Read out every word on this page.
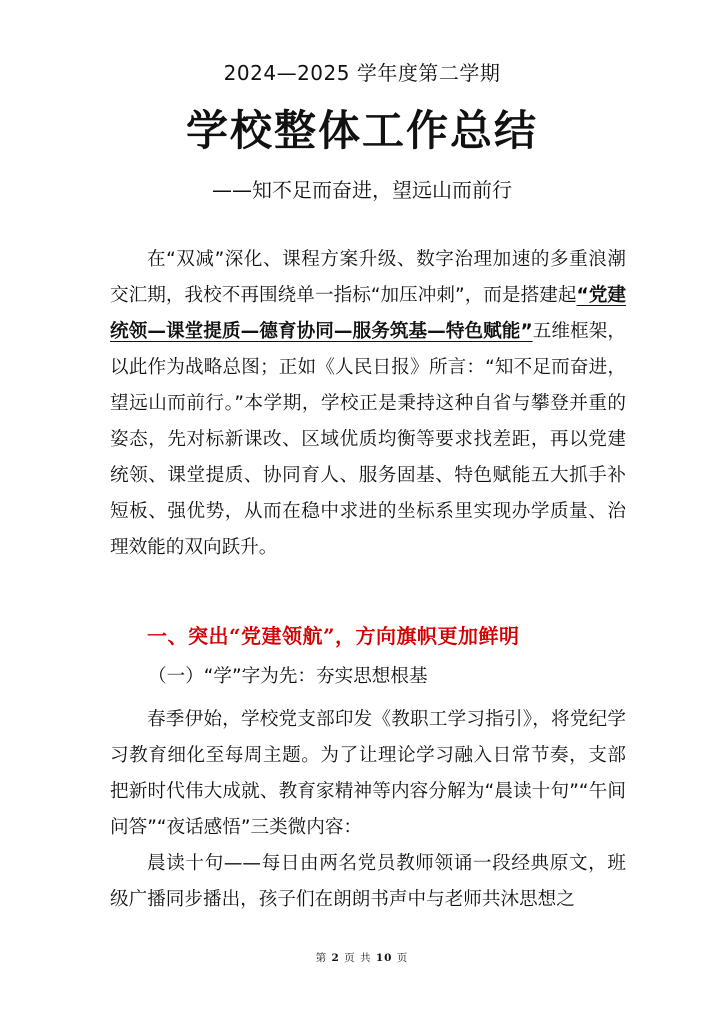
2024—2025 学年度第二学期
学校整体工作总结
——知不足而奋进，望远山而前行
在“双减”深化、课程方案升级、数字治理加速的多重浪潮交汇期，我校不再围绕单一指标“加压冲刺”，而是搭建起“党建统领—课堂提质—德育协同—服务筑基—特色赋能”五维框架，以此作为战略总图；正如《人民日报》所言：“知不足而奋进，望远山而前行。”本学期，学校正是秉持这种自省与攀登并重的姿态，先对标新课改、区域优质均衡等要求找差距，再以党建统领、课堂提质、协同育人、服务固基、特色赋能五大抓手补短板、强优势，从而在稳中求进的坐标系里实现办学质量、治理效能的双向跃升。
一、突出“党建领航”，方向旗帜更加鲜明
（一）“学”字为先：夯实思想根基
春季伊始，学校党支部印发《教职工学习指引》，将党纪学习教育细化至每周主题。为了让理论学习融入日常节奏，支部把新时代伟大成就、教育家精神等内容分解为“晨读十句”“午间问答”“夜话感悟”三类微内容：
晨读十句——每日由两名党员教师领诵一段经典原文，班级广播同步播出，孩子们在朗朗书声中与老师共沐思想之
第 2 页 共 10 页
